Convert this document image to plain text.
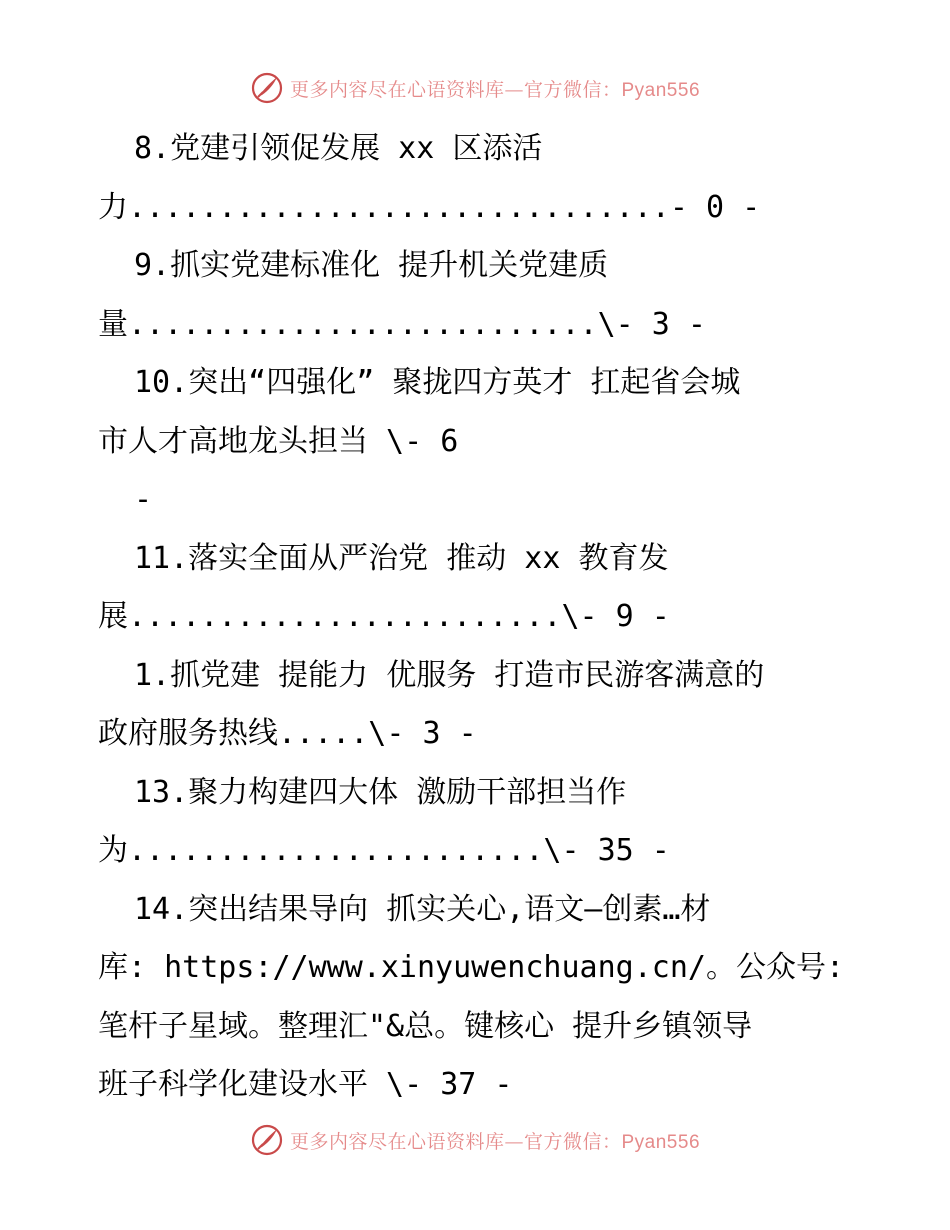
更多内容尽在心语资料库—官方微信：Pyan556
8.党建引领促发展 xx 区添活
力..............................- 0 -
9.抓实党建标准化 提升机关党建质
量..........................\- 3 -
10.突出“四强化” 聚拢四方英才 扛起省会城
市人才高地龙头担当 \- 6
-
11.落实全面从严治党 推动 xx 教育发
展........................\- 9 -
1.抓党建 提能力 优服务 打造市民游客满意的
政府服务热线.....\- 3 -
13.聚力构建四大体 激励干部担当作
为.......................\- 35 -
14.突出结果导向 抓实关心,语文—创素…材
库: https://www.xinyuwenchuang.cn/。公众号:
笔杆子星域。整理汇"&总。键核心 提升乡镇领导
班子科学化建设水平 \- 37 -
更多内容尽在心语资料库—官方微信：Pyan556
